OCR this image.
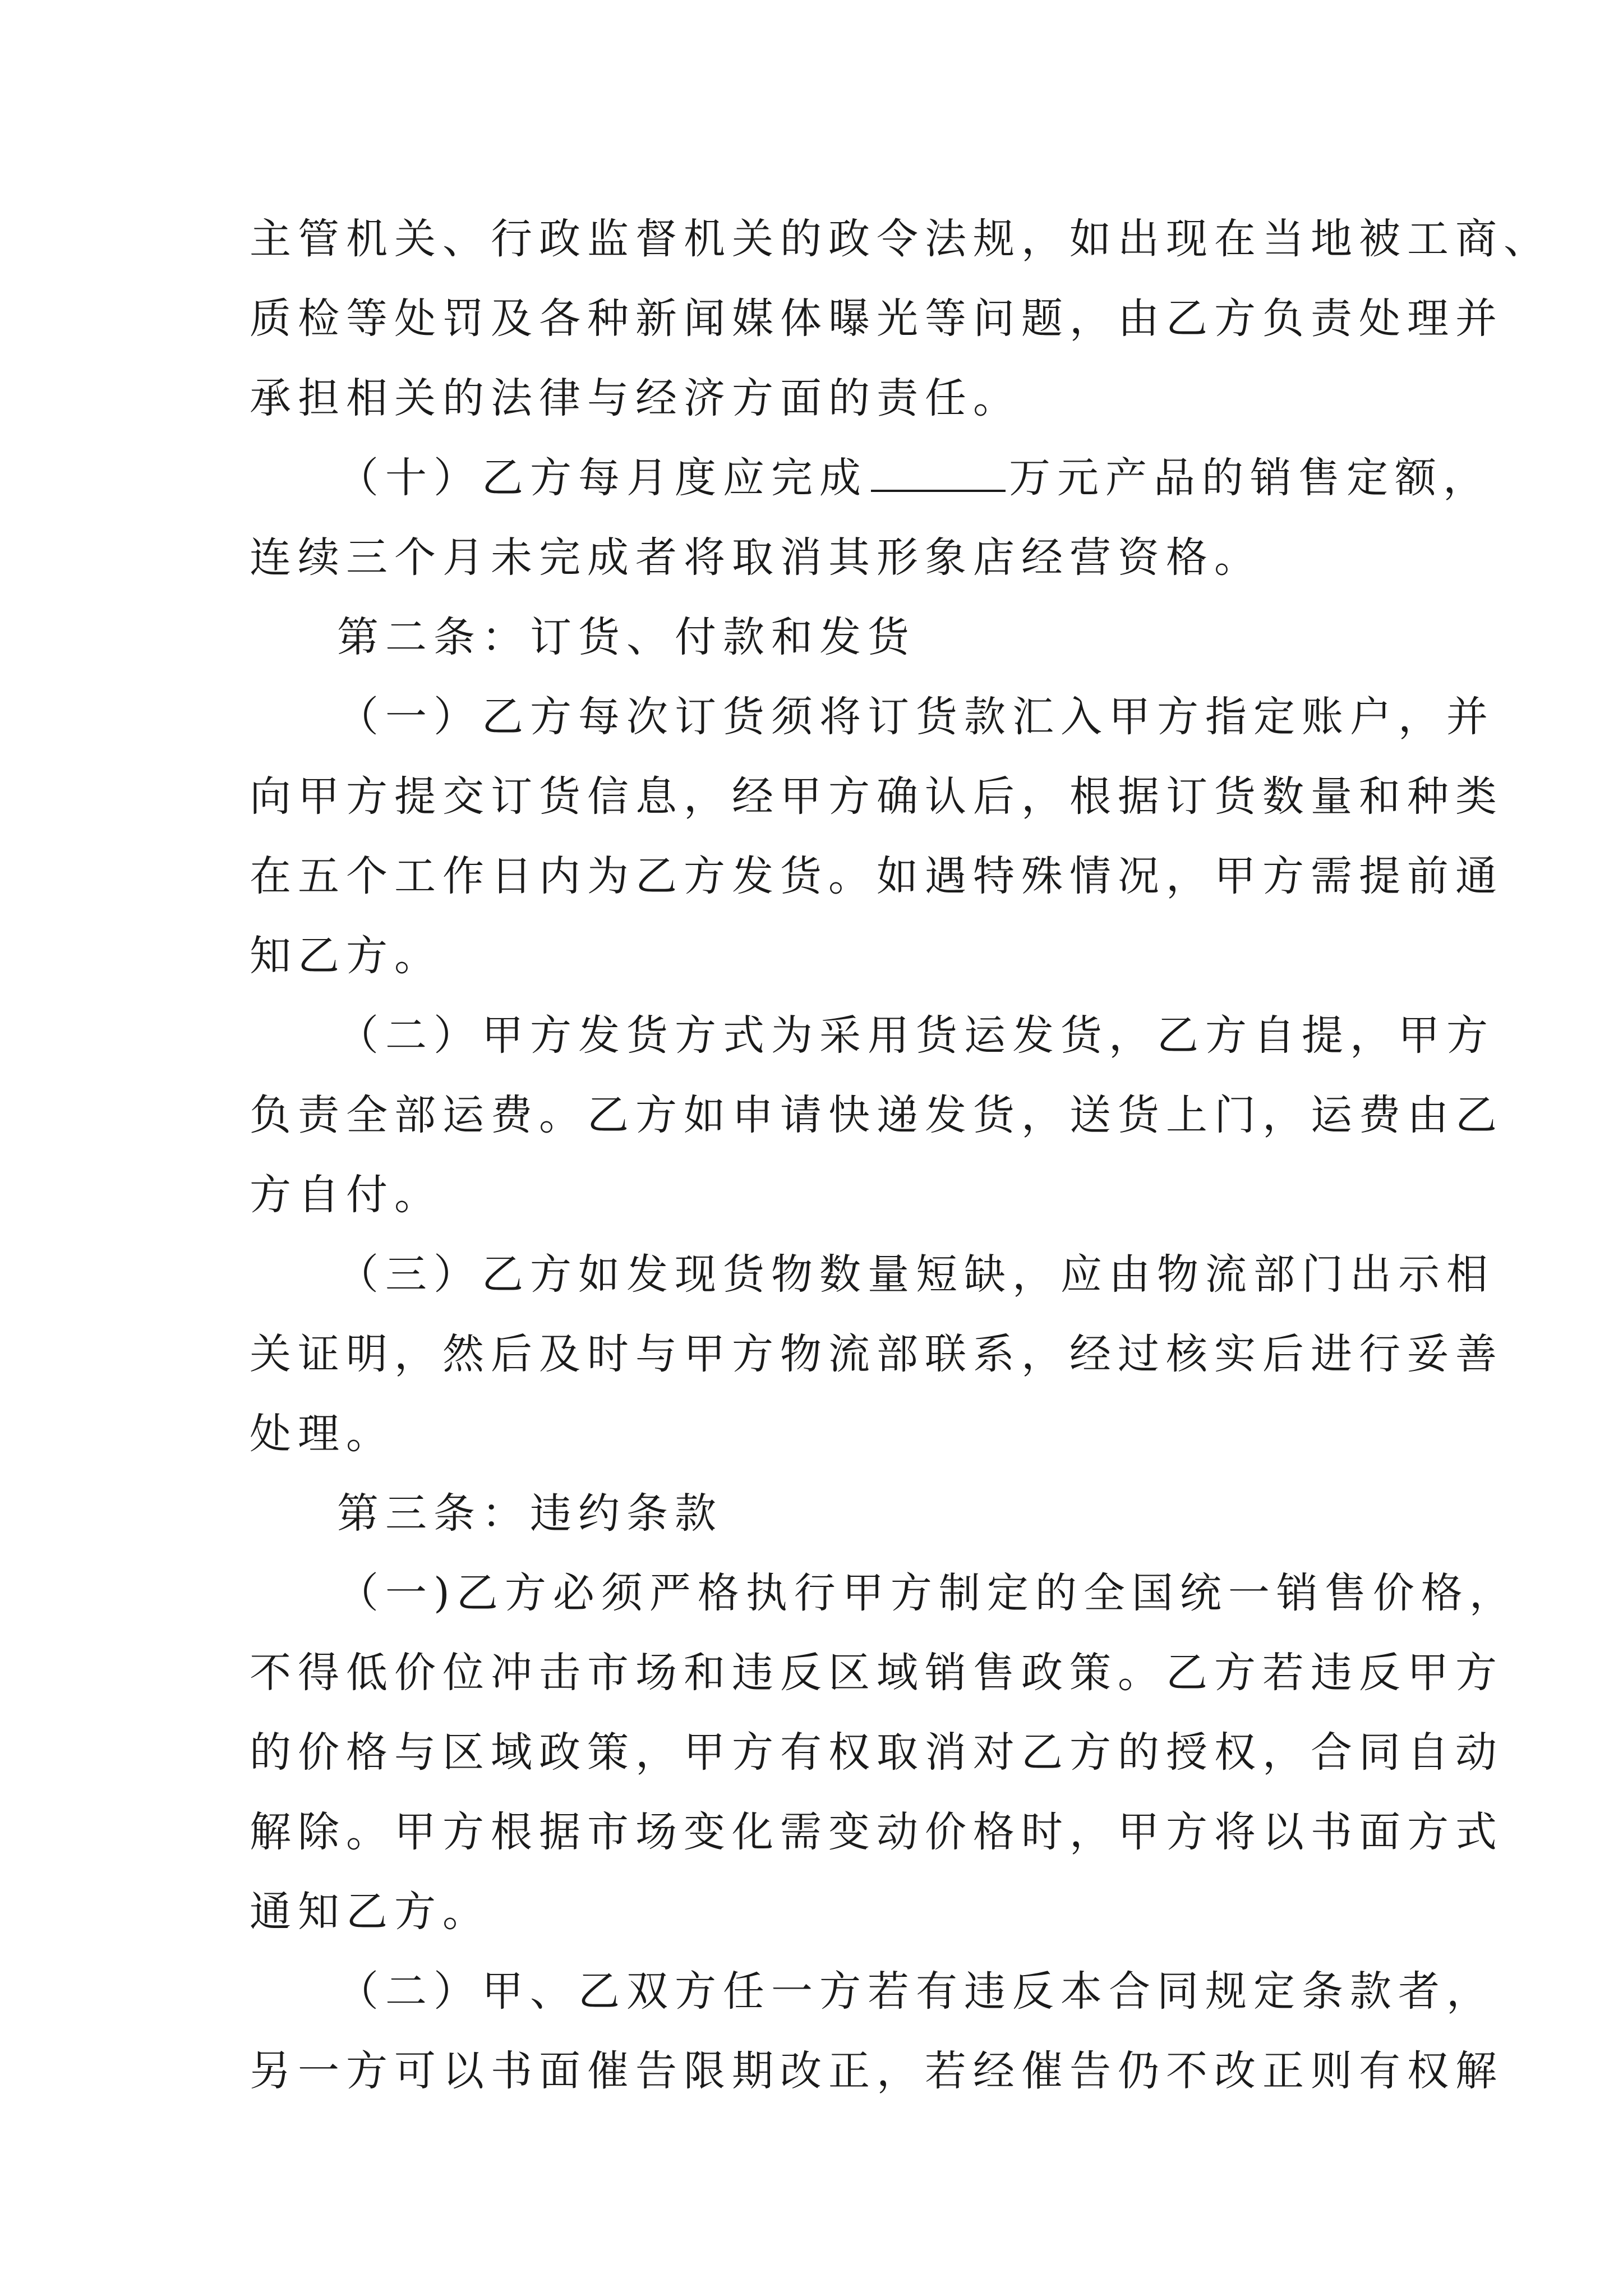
主管机关、行政监督机关的政令法规，如出现在当地被工商、
质检等处罚及各种新闻媒体曝光等问题，由乙方负责处理并
承担相关的法律与经济方面的责任。
（十）乙方每月度应完成	万元产品的销售定额，
连续三个月未完成者将取消其形象店经营资格。
第二条：订货、付款和发货
（一）乙方每次订货须将订货款汇入甲方指定账户，并
向甲方提交订货信息，经甲方确认后，根据订货数量和种类
在五个工作日内为乙方发货。如遇特殊情况，甲方需提前通
知乙方。
（二）甲方发货方式为采用货运发货，乙方自提，甲方
负责全部运费。乙方如申请快递发货，送货上门，运费由乙
方自付。
（三）乙方如发现货物数量短缺，应由物流部门出示相
关证明，然后及时与甲方物流部联系，经过核实后进行妥善
处理。
第三条：违约条款
（一)乙方必须严格执行甲方制定的全国统一销售价格，
不得低价位冲击市场和违反区域销售政策。乙方若违反甲方
的价格与区域政策，甲方有权取消对乙方的授权，合同自动
解除。甲方根据市场变化需变动价格时，甲方将以书面方式
通知乙方。
（二）甲、乙双方任一方若有违反本合同规定条款者，
另一方可以书面催告限期改正，若经催告仍不改正则有权解
